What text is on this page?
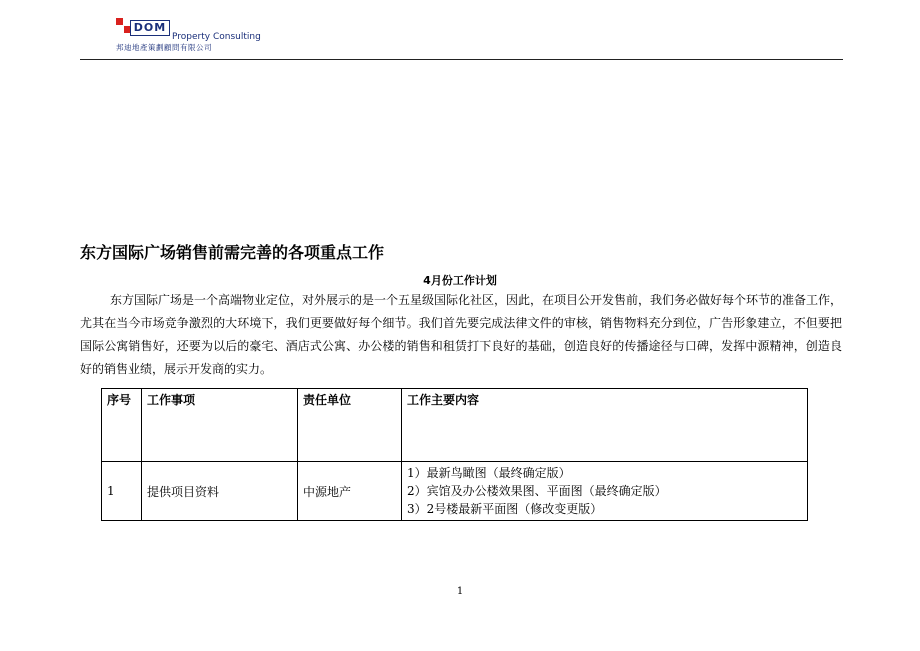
DOM
Property Consulting
邦迪地產策劃顧問有限公司
东方国际广场销售前需完善的各项重点工作
4月份工作计划

东方国际广场是一个高端物业定位，对外展示的是一个五星级国际化社区，因此，在项目公开发售前，我们务必做好每个环节的准备工作，尤其在当今市场竞争激烈的大环境下，我们更要做好每个细节。我们首先要完成法律文件的审核，销售物料充分到位，广告形象建立，不但要把国际公寓销售好，还要为以后的豪宅、酒店式公寓、办公楼的销售和租赁打下良好的基础，创造良好的传播途径与口碑，发挥中源精神，创造良好的销售业绩，展示开发商的实力。

序号	工作事项	责任单位	工作主要内容
1	提供项目资料	中源地产	1）最新鸟瞰图（最终确定版）
2）宾馆及办公楼效果图、平面图（最终确定版）
3）2号楼最新平面图（修改变更版）
1
